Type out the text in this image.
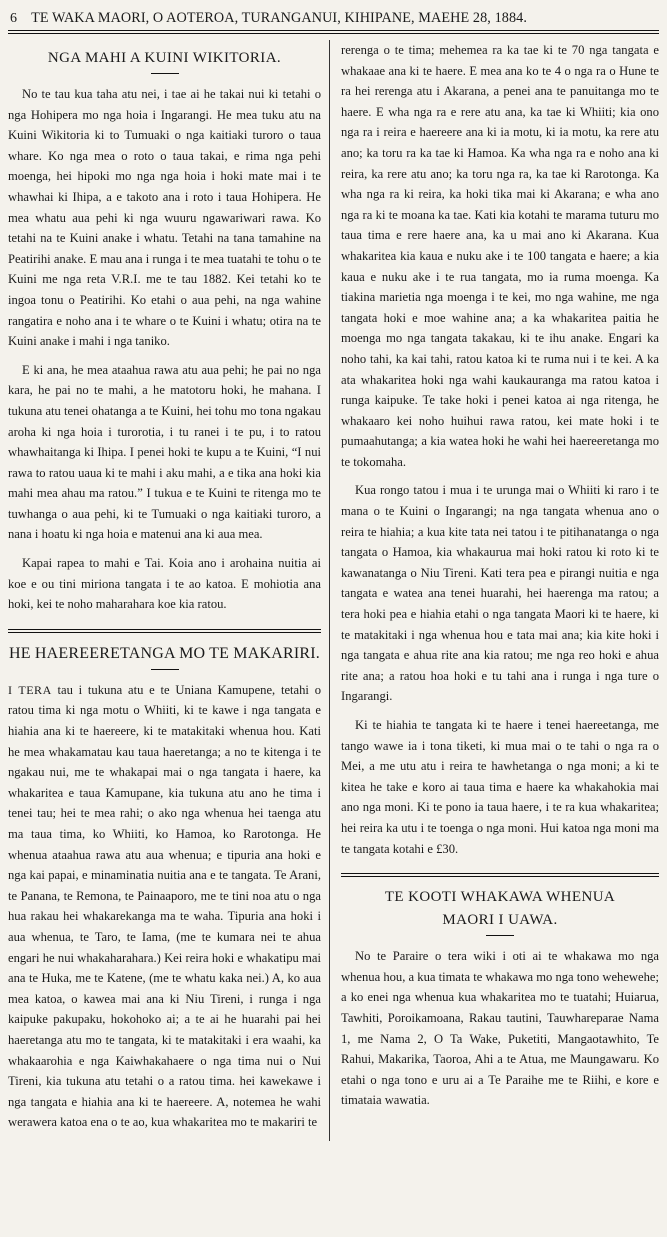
6 TE WAKA MAORI, O AOTEROA, TURANGANUI, KIHIPANE, MAEHE 28, 1884.
NGA MAHI A KUINI WIKITORIA.

No te tau kua taha atu nei, i tae ai he takai nui ki tetahi o nga Hohipera mo nga hoia i Ingarangi. He mea tuku atu na Kuini Wikitoria ki to Tumuaki o nga kaitiaki turoro o taua whare. Ko nga mea o roto o taua takai, e rima nga pehi moenga, hei hipoki mo nga nga hoia i hoki mate mai i te whawhai ki Ihipa, a e takoto ana i roto i taua Hohipera. He mea whatu aua pehi ki nga wuuru ngawariwari rawa. Ko tetahi na te Kuini anake i whatu. Tetahi na tana tamahine na Peatirihi anake. E mau ana i runga i te mea tuatahi te tohu o te Kuini me nga reta V.R.I. me te tau 1882. Kei tetahi ko te ingoa tonu o Peatirihi. Ko etahi o aua pehi, na nga wahine rangatira e noho ana i te whare o te Kuini i whatu; otira na te Kuini anake i mahi i nga taniko.

E ki ana, he mea ataahua rawa atu aua pehi; he pai no nga kara, he pai no te mahi, a he matotoru hoki, he mahana. I tukuna atu tenei ohatanga a te Kuini, hei tohu mo tona ngakau aroha ki nga hoia i turorotia, i tu ranei i te pu, i to ratou whawhaitanga ki Ihipa. I penei hoki te kupu a te Kuini, “I nui rawa to ratou uaua ki te mahi i aku mahi, a e tika ana hoki kia mahi mea ahau ma ratou.” I tukua e te Kuini te ritenga mo te tuwhanga o aua pehi, ki te Tumuaki o nga kaitiaki turoro, a nana i hoatu ki nga hoia e matenui ana ki aua mea.

Kapai rapea to mahi e Tai. Koia ano i arohaina nuitia ai koe e ou tini miriona tangata i te ao katoa. E mohiotia ana hoki, kei te noho maharahara koe kia ratou.

HE HAEREERETANGA MO TE MAKARIRI.

I TERA tau i tukuna atu e te Uniana Kamupene, tetahi o ratou tima ki nga motu o Whiiti, ki te kawe i nga tangata e hiahia ana ki te haereere, ki te matakitaki whenua hou. Kati he mea whakamatau kau taua haeretanga; a no te kitenga i te ngakau nui, me te whakapai mai o nga tangata i haere, ka whakaritea e taua Kamupane, kia tukuna atu ano he tima i tenei tau; hei te mea rahi; o ako nga whenua hei taenga atu ma taua tima, ko Whiiti, ko Hamoa, ko Rarotonga. He whenua ataahua rawa atu aua whenua; e tipuria ana hoki e nga kai papai, e minaminatia nuitia ana e te tangata. Te Arani, te Panana, te Remona, te Painaaporo, me te tini noa atu o nga hua rakau hei whakarekanga ma te waha. Tipuria ana hoki i aua whenua, te Taro, te Iama, (me te kumara nei te ahua engari he nui whakaharahara.) Kei reira hoki e whakatipu mai ana te Huka, me te Katene, (me te whatu kaka nei.) A, ko aua mea katoa, o kawea mai ana ki Niu Tireni, i runga i nga kaipuke pakupaku, hokohoko ai; a te ai he huarahi pai hei haeretanga atu mo te tangata, ki te matakitaki i era waahi, ka whakaarohia e nga Kaiwhakahaere o nga tima nui o Nui Tireni, kia tukuna atu tetahi o a ratou tima. hei kawekawe i nga tangata e hiahia ana ki te haereere. A, notemea he wahi werawera katoa ena o te ao, kua whakaritea mo te makariri te

rerenga o te tima; mehemea ra ka tae ki te 70 nga tangata e whakaae ana ki te haere. E mea ana ko te 4 o nga ra o Hune te ra hei rerenga atu i Akarana, a penei ana te panuitanga mo te haere. E wha nga ra e rere atu ana, ka tae ki Whiiti; kia ono nga ra i reira e haereere ana ki ia motu, ki ia motu, ka rere atu ano; ka toru ra ka tae ki Hamoa. Ka wha nga ra e noho ana ki reira, ka rere atu ano; ka toru nga ra, ka tae ki Rarotonga. Ka wha nga ra ki reira, ka hoki tika mai ki Akarana; e wha ano nga ra ki te moana ka tae. Kati kia kotahi te marama tuturu mo taua tima e rere haere ana, ka u mai ano ki Akarana. Kua whakaritea kia kaua e nuku ake i te 100 tangata e haere; a kia kaua e nuku ake i te rua tangata, mo ia ruma moenga. Ka tiakina marietia nga moenga i te kei, mo nga wahine, me nga tangata hoki e moe wahine ana; a ka whakaritea paitia he moenga mo nga tangata takakau, ki te ihu anake. Engari ka noho tahi, ka kai tahi, ratou katoa ki te ruma nui i te kei. A ka ata whakaritea hoki nga wahi kaukauranga ma ratou katoa i runga kaipuke. Te take hoki i penei katoa ai nga ritenga, he whakaaro kei noho huihui rawa ratou, kei mate hoki i te pumaahutanga; a kia watea hoki he wahi hei haereeretanga mo te tokomaha.

Kua rongo tatou i mua i te urunga mai o Whiiti ki raro i te mana o te Kuini o Ingarangi; na nga tangata whenua ano o reira te hiahia; a kua kite tata nei tatou i te pitihanatanga o nga tangata o Hamoa, kia whakaurua mai hoki ratou ki roto ki te kawanatanga o Niu Tireni. Kati tera pea e pirangi nuitia e nga tangata e watea ana tenei huarahi, hei haerenga ma ratou; a tera hoki pea e hiahia etahi o nga tangata Maori ki te haere, ki te matakitaki i nga whenua hou e tata mai ana; kia kite hoki i nga tangata e ahua rite ana kia ratou; me nga reo hoki e ahua rite ana; a ratou hoa hoki e tu tahi ana i runga i nga ture o Ingarangi.

Ki te hiahia te tangata ki te haere i tenei haereetanga, me tango wawe ia i tona tiketi, ki mua mai o te tahi o nga ra o Mei, a me utu atu i reira te hawhetanga o nga moni; a ki te kitea he take e koro ai taua tima e haere ka whakahokia mai ano nga moni. Ki te pono ia taua haere, i te ra kua whakaritea; hei reira ka utu i te toenga o nga moni. Hui katoa nga moni ma te tangata kotahi e £30.

TE KOOTI WHAKAWA WHENUA
MAORI I UAWA.

No te Paraire o tera wiki i oti ai te whakawa mo nga whenua hou, a kua timata te whakawa mo nga tono wehewehe; a ko enei nga whenua kua whakaritea mo te tuatahi; Huiarua, Tawhiti, Poroikamoana, Rakau tautini, Tauwhareparae Nama 1, me Nama 2, O Ta Wake, Puketiti, Mangaotawhito, Te Rahui, Makarika, Taoroa, Ahi a te Atua, me Maungawaru. Ko etahi o nga tono e uru ai a Te Paraihe me te Riihi, e kore e timataia wawatia.
